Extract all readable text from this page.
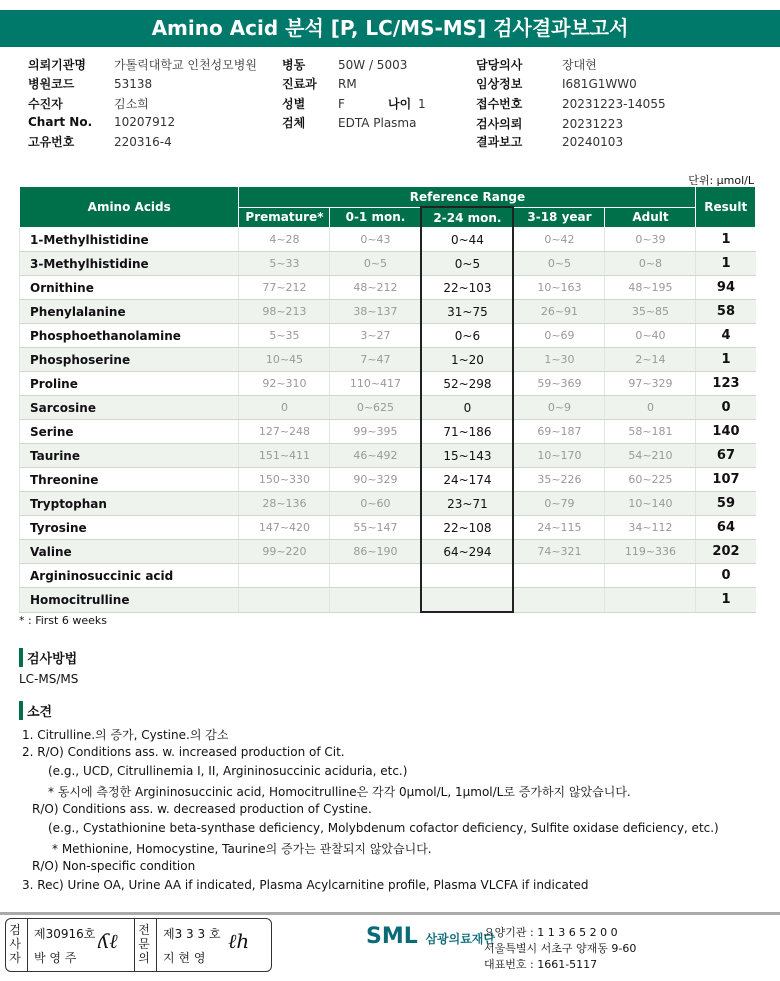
Amino Acid 분석 [P, LC/MS-MS] 검사결과보고서
의뢰기관명 가톨릭대학교 인천성모병원
병원코드	53138
수진자	김소희
Chart No. 10207912
고유번호	220316-4
병동	50W / 5003
진료과 RM
성별	F	나이 1
검체	EDTA Plasma
담당의사	장대현
임상정보	I681G1WW0
접수번호	20231223-14055
검사의뢰	20231223
결과보고	20240103
단위: μmol/L
Amino Acids	Reference Range					Result
	Premature*	0-1 mon.	2-24 mon.	3-18 year	Adult	
1-Methylhistidine	4~28	0~43	0~44	0~42	0~39	1
3-Methylhistidine	5~33	0~5	0~5	0~5	0~8	1
Ornithine	77~212	48~212	22~103	10~163	48~195	94
Phenylalanine	98~213	38~137	31~75	26~91	35~85	58
Phosphoethanolamine	5~35	3~27	0~6	0~69	0~40	4
Phosphoserine	10~45	7~47	1~20	1~30	2~14	1
Proline	92~310	110~417	52~298	59~369	97~329	123
Sarcosine	0	0~625	0	0~9	0	0
Serine	127~248	99~395	71~186	69~187	58~181	140
Taurine	151~411	46~492	15~143	10~170	54~210	67
Threonine	150~330	90~329	24~174	35~226	60~225	107
Tryptophan	28~136	0~60	23~71	0~79	10~140	59
Tyrosine	147~420	55~147	22~108	24~115	34~112	64
Valine	99~220	86~190	64~294	74~321	119~336	202
Argininosuccinic acid						0
Homocitrulline						1
* : First 6 weeks
검사방법
LC-MS/MS
소견
1. Citrulline.의 증가, Cystine.의 감소
2. R/O) Conditions ass. w. increased production of Cit.
(e.g., UCD, Citrullinemia I, II, Argininosuccinic aciduria, etc.)
* 동시에 측정한 Argininosuccinic acid, Homocitrulline은 각각 0μmol/L, 1μmol/L로 증가하지 않았습니다.
R/O) Conditions ass. w. decreased production of Cystine.
(e.g., Cystathionine beta-synthase deficiency, Molybdenum cofactor deficiency, Sulfite oxidase deficiency, etc.)
* Methionine, Homocystine, Taurine의 증가는 관찰되지 않았습니다.
R/O) Non-specific condition
3. Rec) Urine OA, Urine AA if indicated, Plasma Acylcarnitine profile, Plasma VLCFA if indicated
검사자
제30916호
박 영 주
ʎℓ 전문의
제3 3 3 호
지 현 영
ℓh	SML 삼광의료재단
요양기관 : 1 1 3 6 5 2 0 0
서울특별시 서초구 양재동 9-60
대표번호 : 1661-5117
